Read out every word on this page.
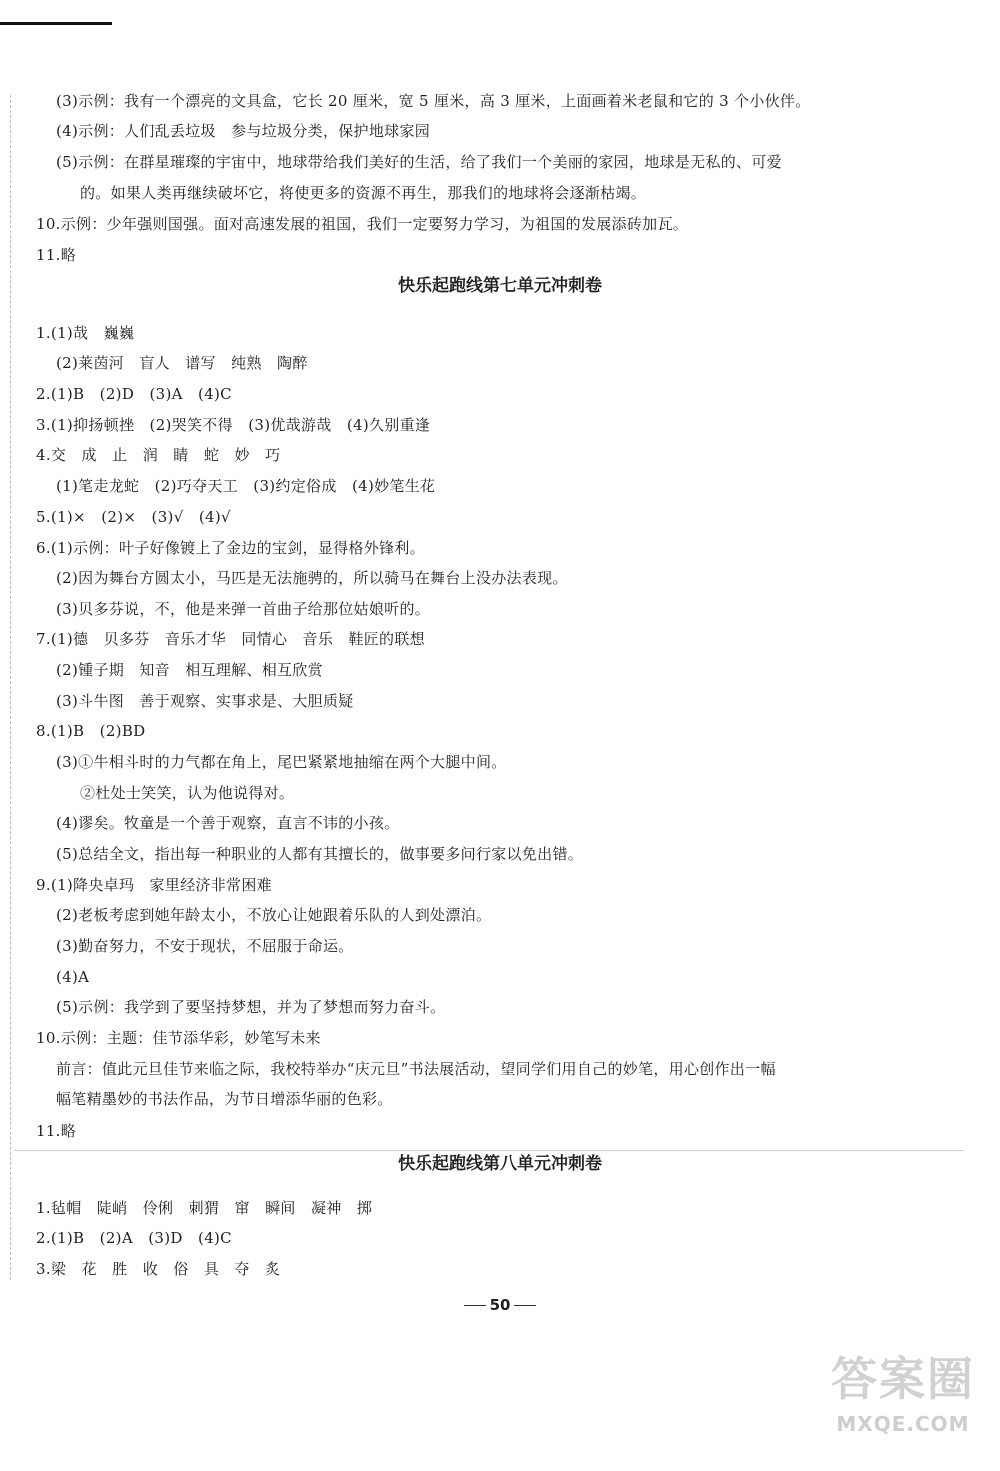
(3)示例：我有一个漂亮的文具盒，它长 20 厘米，宽 5 厘米，高 3 厘米，上面画着米老鼠和它的 3 个小伙伴。
(4)示例：人们乱丢垃圾　参与垃圾分类，保护地球家园
(5)示例：在群星璀璨的宇宙中，地球带给我们美好的生活，给了我们一个美丽的家园，地球是无私的、可爱
的。如果人类再继续破坏它，将使更多的资源不再生，那我们的地球将会逐渐枯竭。
10.示例：少年强则国强。面对高速发展的祖国，我们一定要努力学习，为祖国的发展添砖加瓦。
11.略
快乐起跑线第七单元冲刺卷
1.(1)哉　巍巍
(2)莱茵河　盲人　谱写　纯熟　陶醉
2.(1)B　(2)D　(3)A　(4)C
3.(1)抑扬顿挫　(2)哭笑不得　(3)优哉游哉　(4)久别重逢
4.交　成　止　润　睛　蛇　妙　巧
(1)笔走龙蛇　(2)巧夺天工　(3)约定俗成　(4)妙笔生花
5.(1)×　(2)×　(3)√　(4)√
6.(1)示例：叶子好像镀上了金边的宝剑，显得格外锋利。
(2)因为舞台方圆太小，马匹是无法施骋的，所以骑马在舞台上没办法表现。
(3)贝多芬说，不，他是来弹一首曲子给那位姑娘听的。
7.(1)德　贝多芬　音乐才华　同情心　音乐　鞋匠的联想
(2)锺子期　知音　相互理解、相互欣赏
(3)斗牛图　善于观察、实事求是、大胆质疑
8.(1)B　(2)BD
(3)①牛相斗时的力气都在角上，尾巴紧紧地抽缩在两个大腿中间。
②杜处士笑笑，认为他说得对。
(4)谬矣。牧童是一个善于观察，直言不讳的小孩。
(5)总结全文，指出每一种职业的人都有其擅长的，做事要多问行家以免出错。
9.(1)降央卓玛　家里经济非常困难
(2)老板考虑到她年龄太小，不放心让她跟着乐队的人到处漂泊。
(3)勤奋努力，不安于现状，不屈服于命运。
(4)A
(5)示例：我学到了要坚持梦想，并为了梦想而努力奋斗。
10.示例：主题：佳节添华彩，妙笔写未来
前言：值此元旦佳节来临之际，我校特举办“庆元旦”书法展活动，望同学们用自己的妙笔，用心创作出一幅
幅笔精墨妙的书法作品，为节日增添华丽的色彩。
11.略
快乐起跑线第八单元冲刺卷
1.毡帽　陡峭　伶俐　刺猬　窜　瞬间　凝神　掷
2.(1)B　(2)A　(3)D　(4)C
3.梁　花　胜　收　俗　具　夺　炙
50
答案圈
MXQE.COM
